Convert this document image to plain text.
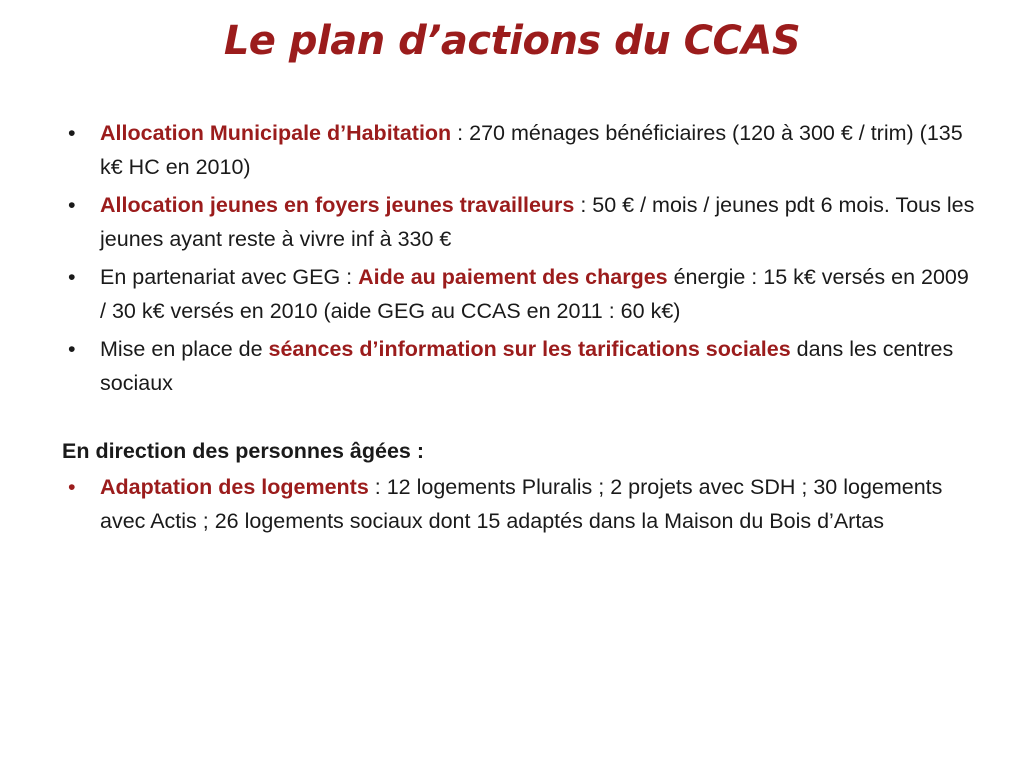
Le plan d’actions du CCAS
•	Allocation Municipale d’Habitation : 270 ménages bénéficiaires (120 à 300 € / trim) (135 k€ HC en 2010)
•	Allocation jeunes en foyers jeunes travailleurs : 50 € / mois / jeunes pdt 6 mois. Tous les jeunes ayant reste à vivre inf à 330 €
•	En partenariat avec GEG : Aide au paiement des charges énergie : 15 k€ versés en 2009 / 30 k€ versés en 2010 (aide GEG au CCAS en 2011 : 60 k€)
•	Mise en place de séances d’information sur les tarifications sociales dans les centres sociaux
En direction des personnes âgées :
•	Adaptation des logements : 12 logements Pluralis ; 2 projets avec SDH ; 30 logements avec Actis ; 26 logements sociaux dont 15 adaptés dans la Maison du Bois d’Artas
